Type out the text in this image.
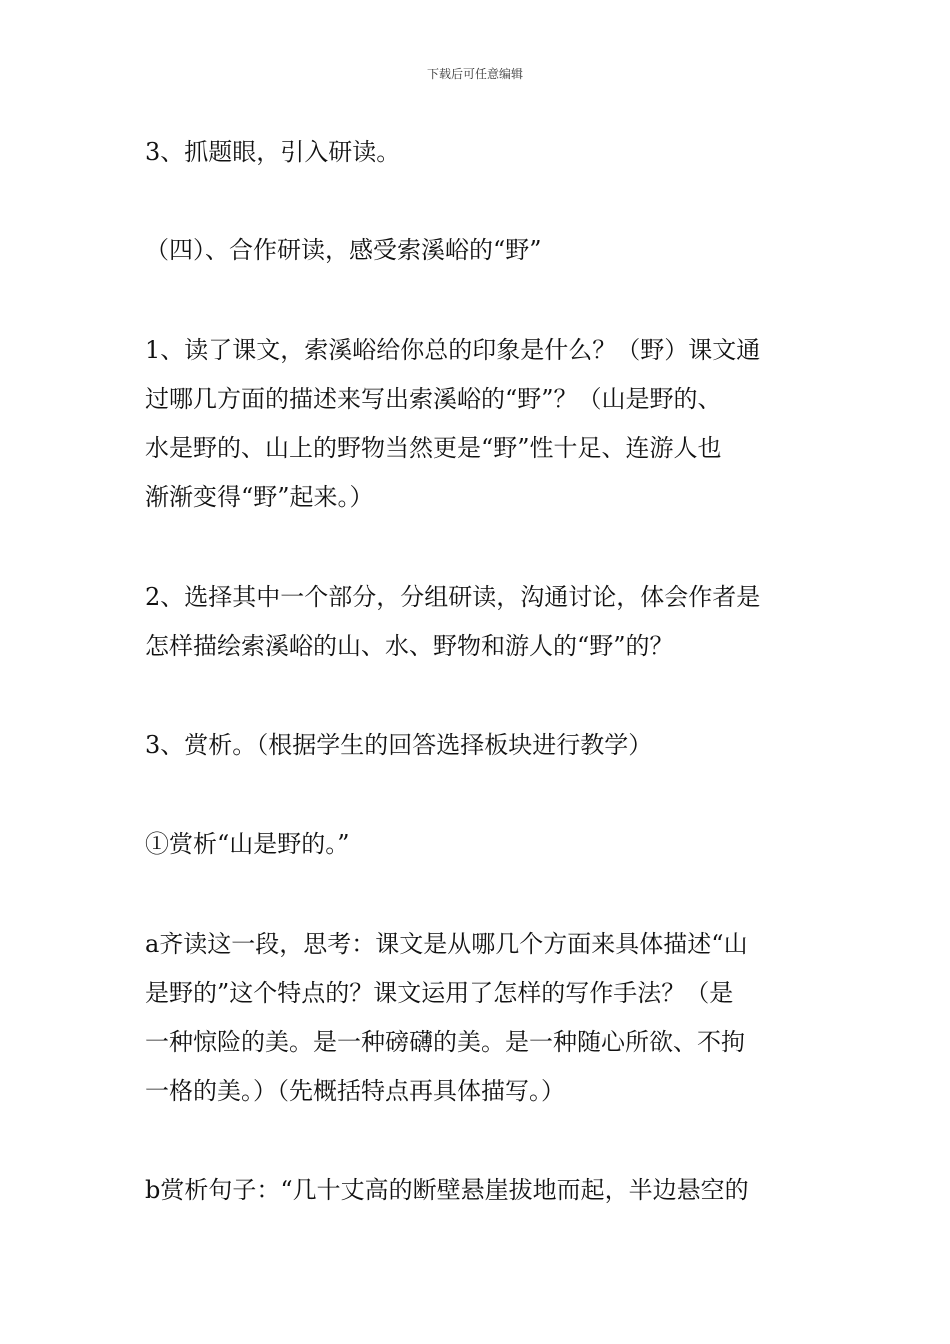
下载后可任意编辑
3、抓题眼，引入研读。
（四）、合作研读，感受索溪峪的“野”
1、读了课文，索溪峪给你总的印象是什么？（野）课文通
过哪几方面的描述来写出索溪峪的“野”？（山是野的、
水是野的、山上的野物当然更是“野”性十足、连游人也
渐渐变得“野”起来。）
2、选择其中一个部分，分组研读，沟通讨论，体会作者是
怎样描绘索溪峪的山、水、野物和游人的“野”的？
3、赏析。（根据学生的回答选择板块进行教学）
①赏析“山是野的。”
a齐读这一段，思考：课文是从哪几个方面来具体描述“山
是野的”这个特点的？课文运用了怎样的写作手法？（是
一种惊险的美。是一种磅礴的美。是一种随心所欲、不拘
一格的美。）（先概括特点再具体描写。）
b赏析句子：“几十丈高的断壁悬崖拔地而起，半边悬空的
